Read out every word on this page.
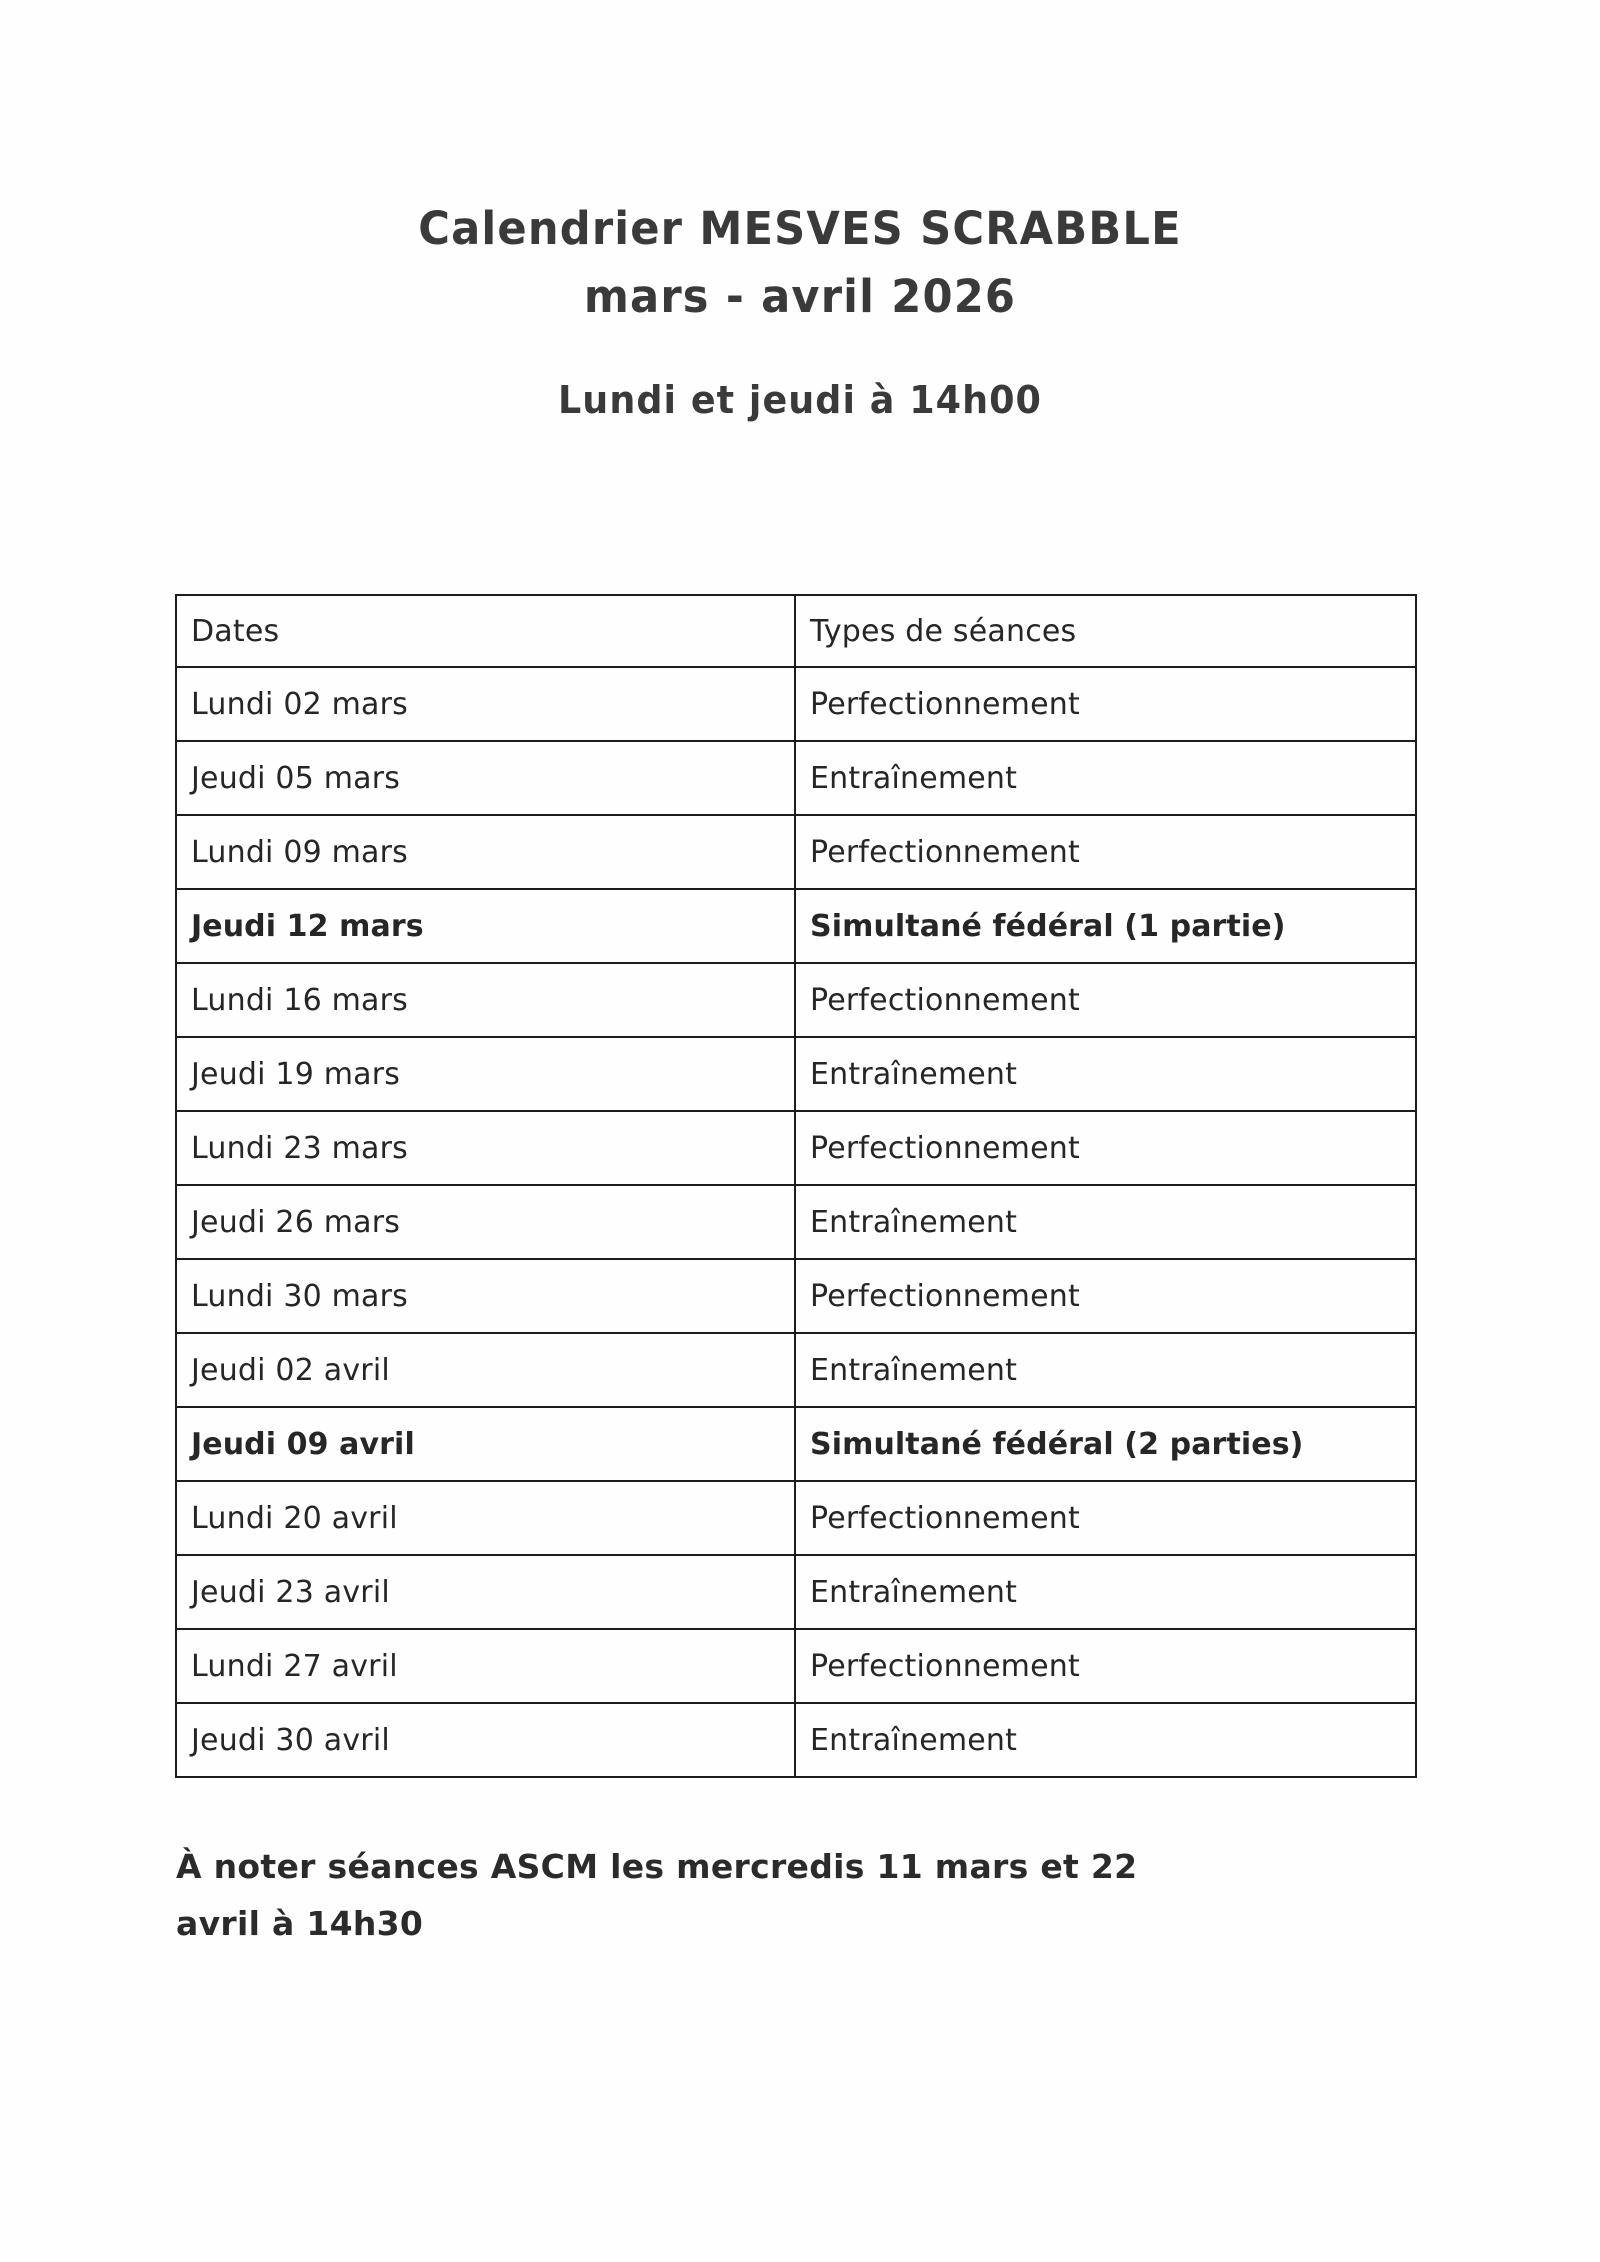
Calendrier MESVES SCRABBLE
mars - avril 2026
Lundi et jeudi à 14h00
Dates	Types de séances
Lundi 02 mars	Perfectionnement
Jeudi 05 mars	Entraînement
Lundi 09 mars	Perfectionnement
Jeudi 12 mars	Simultané fédéral (1 partie)
Lundi 16 mars	Perfectionnement
Jeudi 19 mars	Entraînement
Lundi 23 mars	Perfectionnement
Jeudi 26 mars	Entraînement
Lundi 30 mars	Perfectionnement
Jeudi 02 avril	Entraînement
Jeudi 09 avril	Simultané fédéral (2 parties)
Lundi 20 avril	Perfectionnement
Jeudi 23 avril	Entraînement
Lundi 27 avril	Perfectionnement
Jeudi 30 avril	Entraînement
À noter séances ASCM les mercredis 11 mars et 22
avril à 14h30
